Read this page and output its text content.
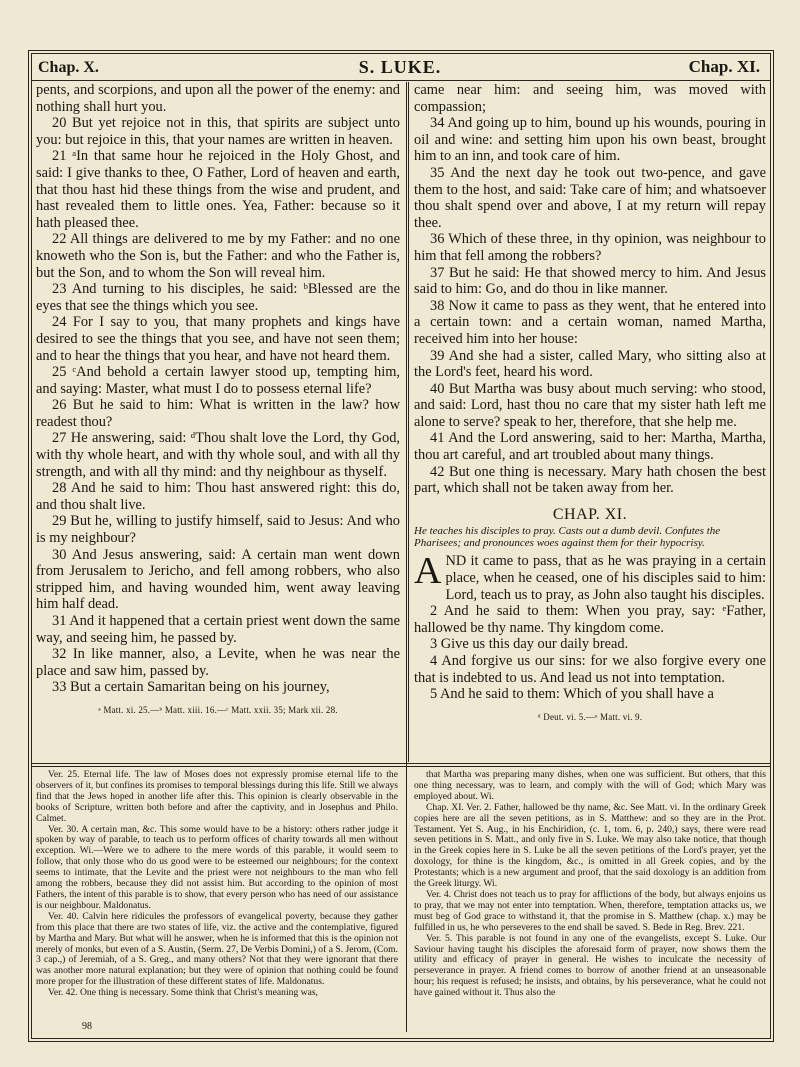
Chap. X.	S. LUKE.	Chap. XI.

pents, and scorpions, and upon all the power of the enemy: and nothing shall hurt you.

20 But yet rejoice not in this, that spirits are subject unto you: but rejoice in this, that your names are written in heaven.

21 ᵃIn that same hour he rejoiced in the Holy Ghost, and said: I give thanks to thee, O Father, Lord of heaven and earth, that thou hast hid these things from the wise and prudent, and hast revealed them to little ones. Yea, Father: because so it hath pleased thee.

22 All things are delivered to me by my Father: and no one knoweth who the Son is, but the Father: and who the Father is, but the Son, and to whom the Son will reveal him.

23 And turning to his disciples, he said: ᵇBlessed are the eyes that see the things which you see.

24 For I say to you, that many prophets and kings have desired to see the things that you see, and have not seen them; and to hear the things that you hear, and have not heard them.

25 ᶜAnd behold a certain lawyer stood up, tempting him, and saying: Master, what must I do to possess eternal life?

26 But he said to him: What is written in the law? how readest thou?

27 He answering, said: ᵈThou shalt love the Lord, thy God, with thy whole heart, and with thy whole soul, and with all thy strength, and with all thy mind: and thy neighbour as thyself.

28 And he said to him: Thou hast answered right: this do, and thou shalt live.

29 But he, willing to justify himself, said to Jesus: And who is my neighbour?

30 And Jesus answering, said: A certain man went down from Jerusalem to Jericho, and fell among robbers, who also stripped him, and having wounded him, went away leaving him half dead.

31 And it happened that a certain priest went down the same way, and seeing him, he passed by.

32 In like manner, also, a Levite, when he was near the place and saw him, passed by.

33 But a certain Samaritan being on his journey,

ᵃ Matt. xi. 25.—ᵇ Matt. xiii. 16.—ᶜ Matt. xxii. 35; Mark xii. 28.

came near him: and seeing him, was moved with compassion;

34 And going up to him, bound up his wounds, pouring in oil and wine: and setting him upon his own beast, brought him to an inn, and took care of him.

35 And the next day he took out two-pence, and gave them to the host, and said: Take care of him; and whatsoever thou shalt spend over and above, I at my return will repay thee.

36 Which of these three, in thy opinion, was neighbour to him that fell among the robbers?

37 But he said: He that showed mercy to him. And Jesus said to him: Go, and do thou in like manner.

38 Now it came to pass as they went, that he entered into a certain town: and a certain woman, named Martha, received him into her house:

39 And she had a sister, called Mary, who sitting also at the Lord's feet, heard his word.

40 But Martha was busy about much serving: who stood, and said: Lord, hast thou no care that my sister hath left me alone to serve? speak to her, therefore, that she help me.

41 And the Lord answering, said to her: Martha, Martha, thou art careful, and art troubled about many things.

42 But one thing is necessary. Mary hath chosen the best part, which shall not be taken away from her.

CHAP. XI.
He teaches his disciples to pray. Casts out a dumb devil. Confutes the Pharisees; and pronounces woes against them for their hypocrisy.

AND it came to pass, that as he was praying in a certain place, when he ceased, one of his disciples said to him: Lord, teach us to pray, as John also taught his disciples.

2 And he said to them: When you pray, say: ᵉFather, hallowed be thy name. Thy kingdom come.

3 Give us this day our daily bread.

4 And forgive us our sins: for we also forgive every one that is indebted to us. And lead us not into temptation.

5 And he said to them: Which of you shall have a

ᵈ Deut. vi. 5.—ᵉ Matt. vi. 9.

Ver. 25. Eternal life. The law of Moses does not expressly promise eternal life to the observers of it, but confines its promises to temporal blessings during this life. Still we always find that the Jews hoped in another life after this. This opinion is clearly observable in the books of Scripture, written both before and after the captivity, and in Josephus and Philo. Calmet.

Ver. 30. A certain man, &c. This some would have to be a history: others rather judge it spoken by way of parable, to teach us to perform offices of charity towards all men without exception. Wi.—Were we to adhere to the mere words of this parable, it would seem to follow, that only those who do us good were to be esteemed our neighbours; for the context seems to intimate, that the Levite and the priest were not neighbours to the man who fell among the robbers, because they did not assist him. But according to the opinion of most Fathers, the intent of this parable is to show, that every person who has need of our assistance is our neighbour. Maldonatus.

Ver. 40. Calvin here ridicules the professors of evangelical poverty, because they gather from this place that there are two states of life, viz. the active and the contemplative, figured by Martha and Mary. But what will he answer, when he is informed that this is the opinion not merely of monks, but even of a S. Austin, (Serm. 27, De Verbis Domini,) of a S. Jerom, (Com. 3 cap.,) of Jeremiah, of a S. Greg., and many others? Not that they were ignorant that there was another more natural explanation; but they were of opinion that nothing could be found more proper for the illustration of these different states of life. Maldonatus.

Ver. 42. One thing is necessary. Some think that Christ's meaning was,

that Martha was preparing many dishes, when one was sufficient. But others, that this one thing necessary, was to learn, and comply with the will of God; which Mary was employed about. Wi.

Chap. XI. Ver. 2. Father, hallowed be thy name, &c. See Matt. vi. In the ordinary Greek copies here are all the seven petitions, as in S. Matthew: and so they are in the Prot. Testament. Yet S. Aug., in his Enchiridion, (c. 1, tom. 6, p. 240,) says, there were read seven petitions in S. Matt., and only five in S. Luke. We may also take notice, that though in the Greek copies here in S. Luke be all the seven petitions of the Lord's prayer, yet the doxology, for thine is the kingdom, &c., is omitted in all Greek copies, and by the Protestants; which is a new argument and proof, that the said doxology is an addition from the Greek liturgy. Wi.

Ver. 4. Christ does not teach us to pray for afflictions of the body, but always enjoins us to pray, that we may not enter into temptation. When, therefore, temptation attacks us, we must beg of God grace to withstand it, that the promise in S. Matthew (chap. x.) may be fulfilled in us, he who perseveres to the end shall be saved. S. Bede in Reg. Brev. 221.

Ver. 5. This parable is not found in any one of the evangelists, except S. Luke. Our Saviour having taught his disciples the aforesaid form of prayer, now shows them the utility and efficacy of prayer in general. He wishes to inculcate the necessity of perseverance in prayer. A friend comes to borrow of another friend at an unseasonable hour; his request is refused; he insists, and obtains, by his perseverance, what he could not have gained without it. Thus also the

98
